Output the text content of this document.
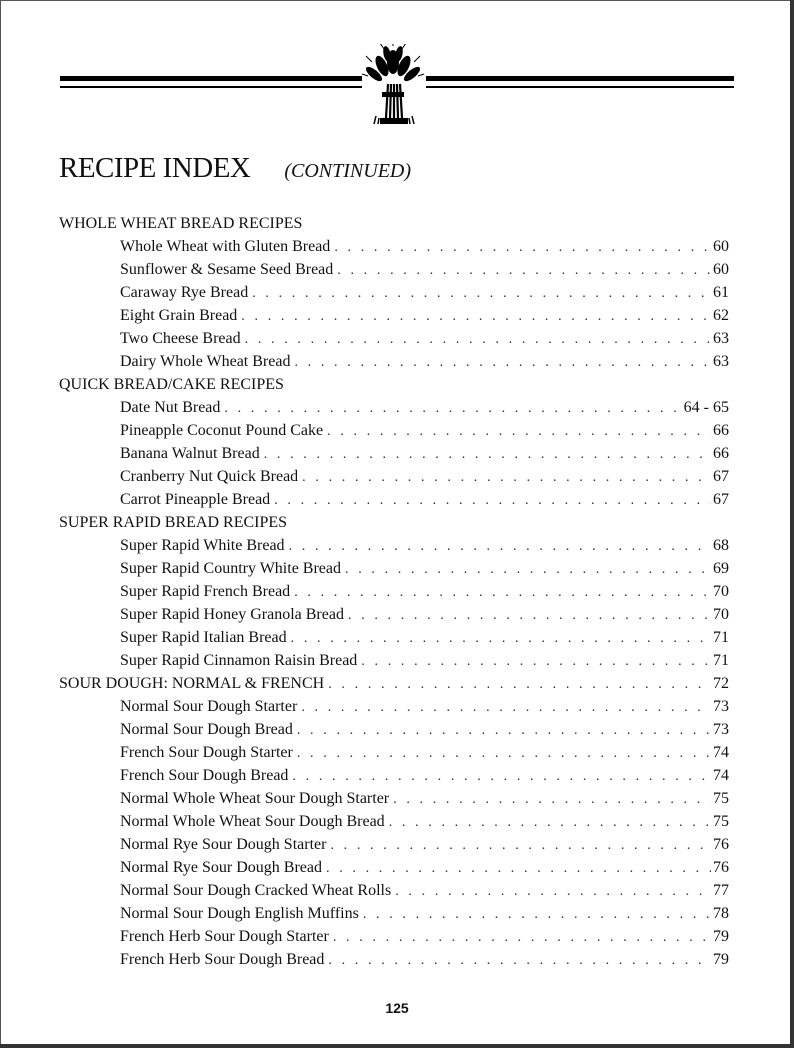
RECIPE INDEX (CONTINUED)
WHOLE WHEAT BREAD RECIPES
Whole Wheat with Gluten Bread . . .	60
Sunflower & Sesame Seed Bread . . .	60
Caraway Rye Bread . . .	61
Eight Grain Bread . . .	62
Two Cheese Bread . . .	63
Dairy Whole Wheat Bread . . .	63
QUICK BREAD/CAKE RECIPES
Date Nut Bread . . .	64 - 65
Pineapple Coconut Pound Cake . . .	66
Banana Walnut Bread . . .	66
Cranberry Nut Quick Bread . . .	67
Carrot Pineapple Bread . . .	67
SUPER RAPID BREAD RECIPES
Super Rapid White Bread . . .	68
Super Rapid Country White Bread . . .	69
Super Rapid French Bread . . .	70
Super Rapid Honey Granola Bread . . .	70
Super Rapid Italian Bread . . .	71
Super Rapid Cinnamon Raisin Bread . . .	71
SOUR DOUGH: NORMAL & FRENCH . . .	72
Normal Sour Dough Starter . . .	73
Normal Sour Dough Bread . . .	73
French Sour Dough Starter . . .	74
French Sour Dough Bread . . .	74
Normal Whole Wheat Sour Dough Starter . . .	75
Normal Whole Wheat Sour Dough Bread . . .	75
Normal Rye Sour Dough Starter . . .	76
Normal Rye Sour Dough Bread . . .	76
Normal Sour Dough Cracked Wheat Rolls . . .	77
Normal Sour Dough English Muffins . . .	78
French Herb Sour Dough Starter . . .	79
French Herb Sour Dough Bread . . .	79
125
